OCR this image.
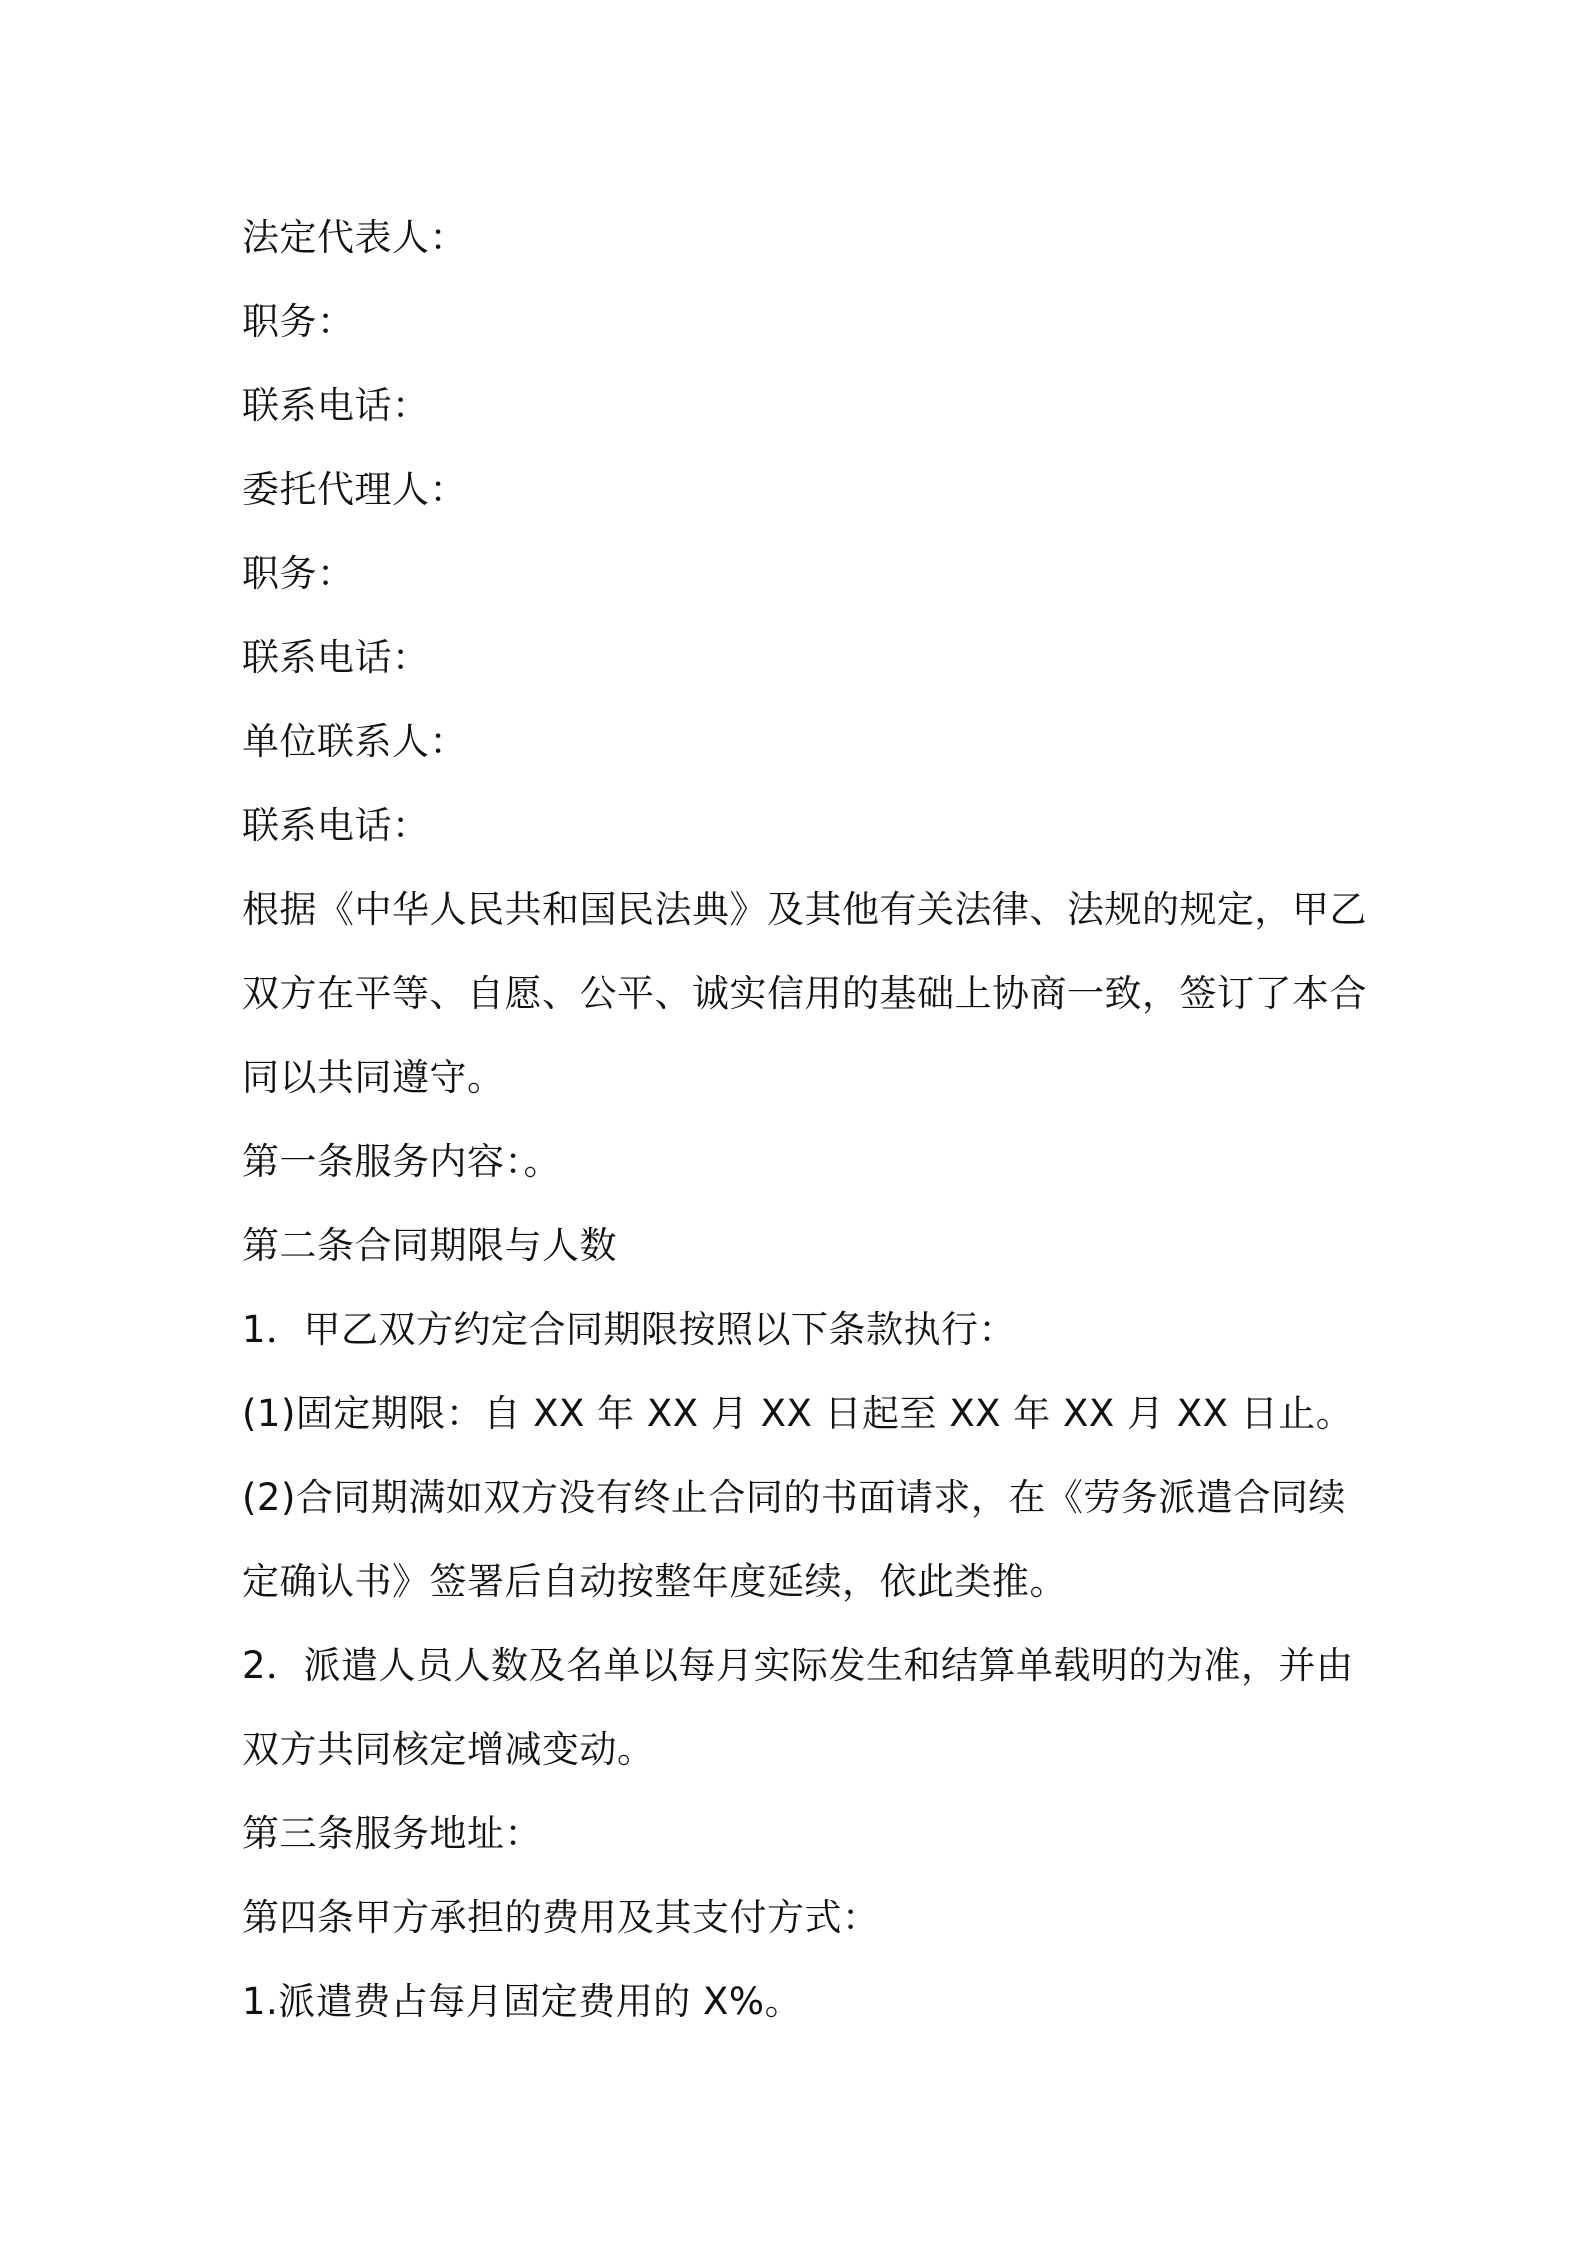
法定代表人：
职务：
联系电话：
委托代理人：
职务：
联系电话：
单位联系人：
联系电话：
根据《中华人民共和国民法典》及其他有关法律、法规的规定，甲乙
双方在平等、自愿、公平、诚实信用的基础上协商一致，签订了本合
同以共同遵守。
第一条服务内容：。
第二条合同期限与人数
1．甲乙双方约定合同期限按照以下条款执行：
(1)固定期限：自 XX 年 XX 月 XX 日起至 XX 年 XX 月 XX 日止。
(2)合同期满如双方没有终止合同的书面请求，在《劳务派遣合同续
定确认书》签署后自动按整年度延续，依此类推。
2．派遣人员人数及名单以每月实际发生和结算单载明的为准，并由
双方共同核定增减变动。
第三条服务地址：
第四条甲方承担的费用及其支付方式：
1.派遣费占每月固定费用的 X%。
